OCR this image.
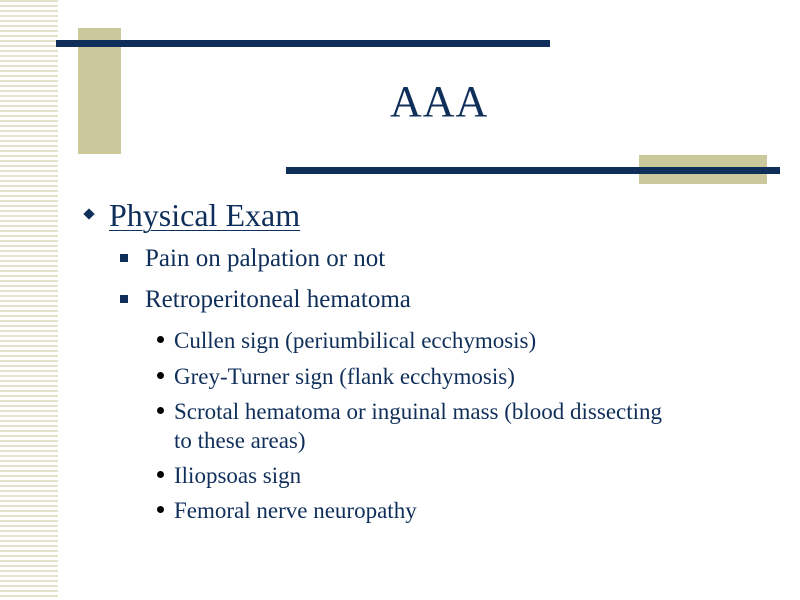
AAA
Physical Exam
Pain on palpation or not
Retroperitoneal hematoma
Cullen sign (periumbilical ecchymosis)
Grey-Turner sign (flank ecchymosis)
Scrotal hematoma or inguinal mass (blood dissecting
to these areas)
Iliopsoas sign
Femoral nerve neuropathy
